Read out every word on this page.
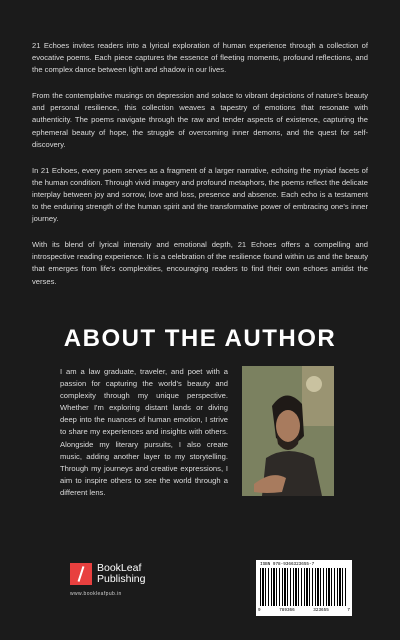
21 Echoes invites readers into a lyrical exploration of human experience through a collection of evocative poems. Each piece captures the essence of fleeting moments, profound reflections, and the complex dance between light and shadow in our lives.

From the contemplative musings on depression and solace to vibrant depictions of nature's beauty and personal resilience, this collection weaves a tapestry of emotions that resonate with authenticity. The poems navigate through the raw and tender aspects of existence, capturing the ephemeral beauty of hope, the struggle of overcoming inner demons, and the quest for self-discovery.

In 21 Echoes, every poem serves as a fragment of a larger narrative, echoing the myriad facets of the human condition. Through vivid imagery and profound metaphors, the poems reflect the delicate interplay between joy and sorrow, love and loss, presence and absence. Each echo is a testament to the enduring strength of the human spirit and the transformative power of embracing one's inner journey.

With its blend of lyrical intensity and emotional depth, 21 Echoes offers a compelling and introspective reading experience. It is a celebration of the resilience found within us and the beauty that emerges from life's complexities, encouraging readers to find their own echoes amidst the verses.

ABOUT THE AUTHOR
I am a law graduate, traveler, and poet with a passion for capturing the world's beauty and complexity through my unique perspective. Whether I'm exploring distant lands or diving deep into the nuances of human emotion, I strive to share my experiences and insights with others. Alongside my literary pursuits, I also create music, adding another layer to my storytelling. Through my journeys and creative expressions, I aim to inspire others to see the world through a different lens.
BookLeaf
Publishing
www.bookleafpub.in
ISBN 978-9366323655-7
9	789366	323655	7
